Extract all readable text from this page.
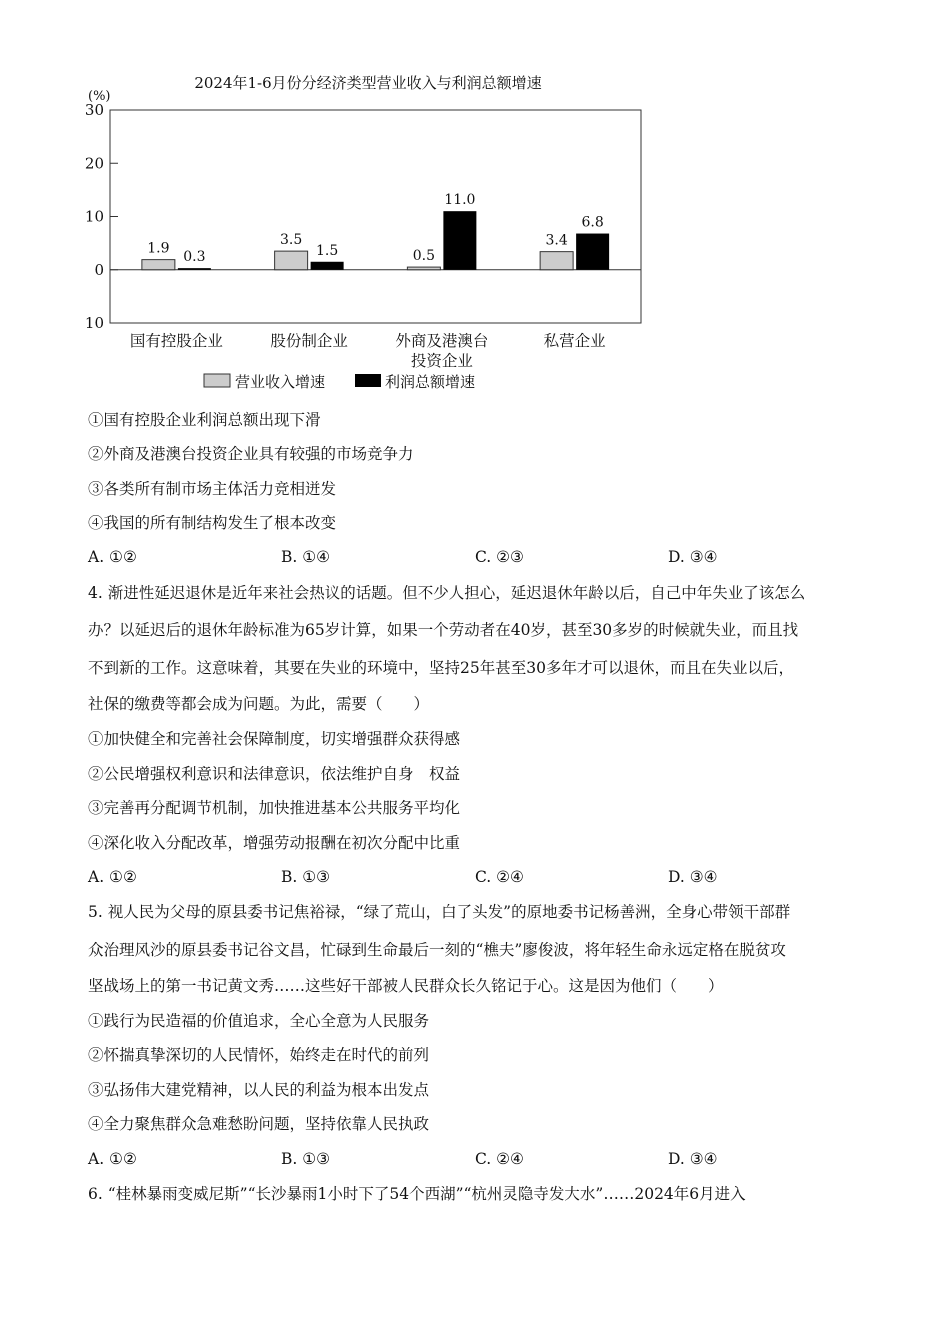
2024年1-6月份分经济类型营业收入与利润总额增速
(%)
30
20
10
0
10
1.9
0.3
3.5
1.5	0.5
11.0
3.4
6.8
国有控股企业	股份制企业	外商及港澳台
投资企业
私营企业
营业收入增速	利润总额增速
①国有控股企业利润总额出现下滑
②外商及港澳台投资企业具有较强的市场竞争力
③各类所有制市场主体活力竞相迸发
④我国的所有制结构发生了根本改变
A. ①②	B. ①④	C. ②③	D. ③④
4. 渐进性延迟退休是近年来社会热议的话题。但不少人担心，延迟退休年龄以后，自己中年失业了该怎么
办？以延迟后的退休年龄标准为65岁计算，如果一个劳动者在40岁，甚至30多岁的时候就失业，而且找
不到新的工作。这意味着，其要在失业的环境中，坚持25年甚至30多年才可以退休，而且在失业以后，
社保的缴费等都会成为问题。为此，需要（　　）
①加快健全和完善社会保障制度，切实增强群众获得感
②公民增强权利意识和法律意识，依法维护自身　权益
③完善再分配调节机制，加快推进基本公共服务平均化
④深化收入分配改革，增强劳动报酬在初次分配中比重
A. ①②	B. ①③	C. ②④	D. ③④
5. 视人民为父母的原县委书记焦裕禄，“绿了荒山，白了头发”的原地委书记杨善洲，全身心带领干部群
众治理风沙的原县委书记谷文昌，忙碌到生命最后一刻的“樵夫”廖俊波，将年轻生命永远定格在脱贫攻
坚战场上的第一书记黄文秀……这些好干部被人民群众长久铭记于心。这是因为他们（　　）
①践行为民造福的价值追求，全心全意为人民服务
②怀揣真挚深切的人民情怀，始终走在时代的前列
③弘扬伟大建党精神，以人民的利益为根本出发点
④全力聚焦群众急难愁盼问题，坚持依靠人民执政
A. ①②	B. ①③	C. ②④	D. ③④
6. “桂林暴雨变威尼斯”“长沙暴雨1小时下了54个西湖”“杭州灵隐寺发大水”……2024年6月进入
